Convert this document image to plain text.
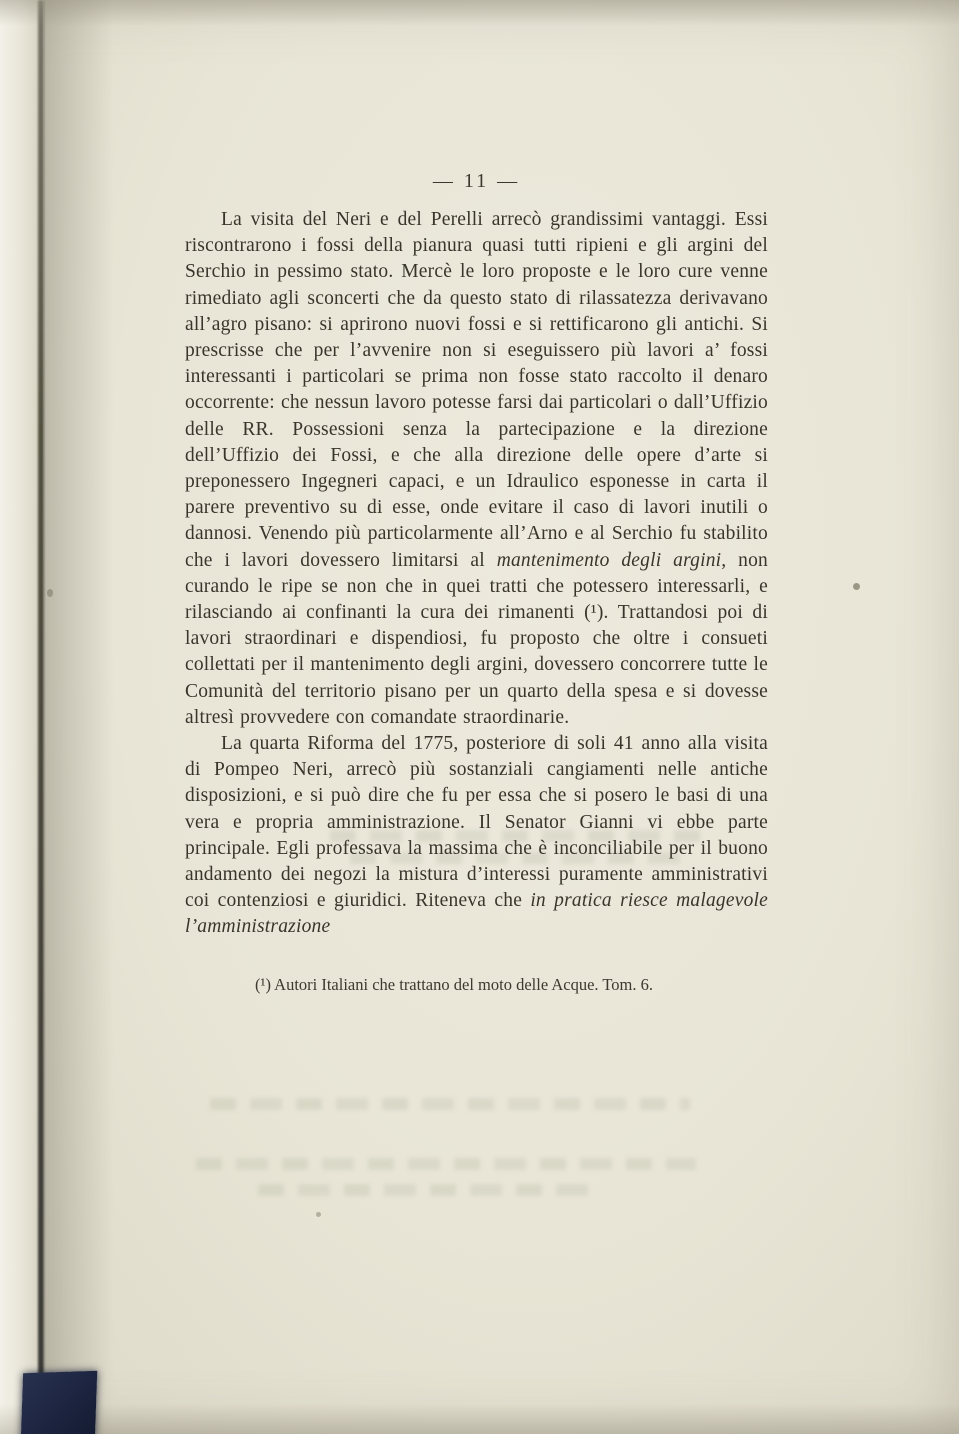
— 11 —

La visita del Neri e del Perelli arrecò grandissimi vantaggi. Essi riscontrarono i fossi della pianura quasi tutti ripieni e gli argini del Serchio in pessimo stato. Mercè le loro proposte e le loro cure venne rimediato agli sconcerti che da questo stato di rilassatezza derivavano all’agro pisano: si aprirono nuovi fossi e si rettificarono gli antichi. Si prescrisse che per l’avvenire non si eseguissero più lavori a’ fossi interessanti i particolari se prima non fosse stato raccolto il denaro occorrente: che nessun lavoro potesse farsi dai particolari o dall’Uffizio delle RR. Possessioni senza la partecipazione e la direzione dell’Uffizio dei Fossi, e che alla direzione delle opere d’arte si preponessero Ingegneri capaci, e un Idraulico esponesse in carta il parere preventivo su di esse, onde evitare il caso di lavori inutili o dannosi. Venendo più particolarmente all’Arno e al Serchio fu stabilito che i lavori dovessero limitarsi al mantenimento degli argini, non curando le ripe se non che in quei tratti che potessero interessarli, e rilasciando ai confinanti la cura dei rimanenti (¹). Trattandosi poi di lavori straordinari e dispendiosi, fu proposto che oltre i consueti collettati per il mantenimento degli argini, dovessero concorrere tutte le Comunità del territorio pisano per un quarto della spesa e si dovesse altresì provvedere con comandate straordinarie.

La quarta Riforma del 1775, posteriore di soli 41 anno alla visita di Pompeo Neri, arrecò più sostanziali cangiamenti nelle antiche disposizioni, e si può dire che fu per essa che si posero le basi di una vera e propria amministrazione. Il Senator Gianni vi ebbe parte principale. Egli professava la massima che è inconciliabile per il buono andamento dei negozi la mistura d’interessi puramente amministrativi coi contenziosi e giuridici. Riteneva che in pratica riesce malagevole l’amministrazione

(¹) Autori Italiani che trattano del moto delle Acque. Tom. 6.
